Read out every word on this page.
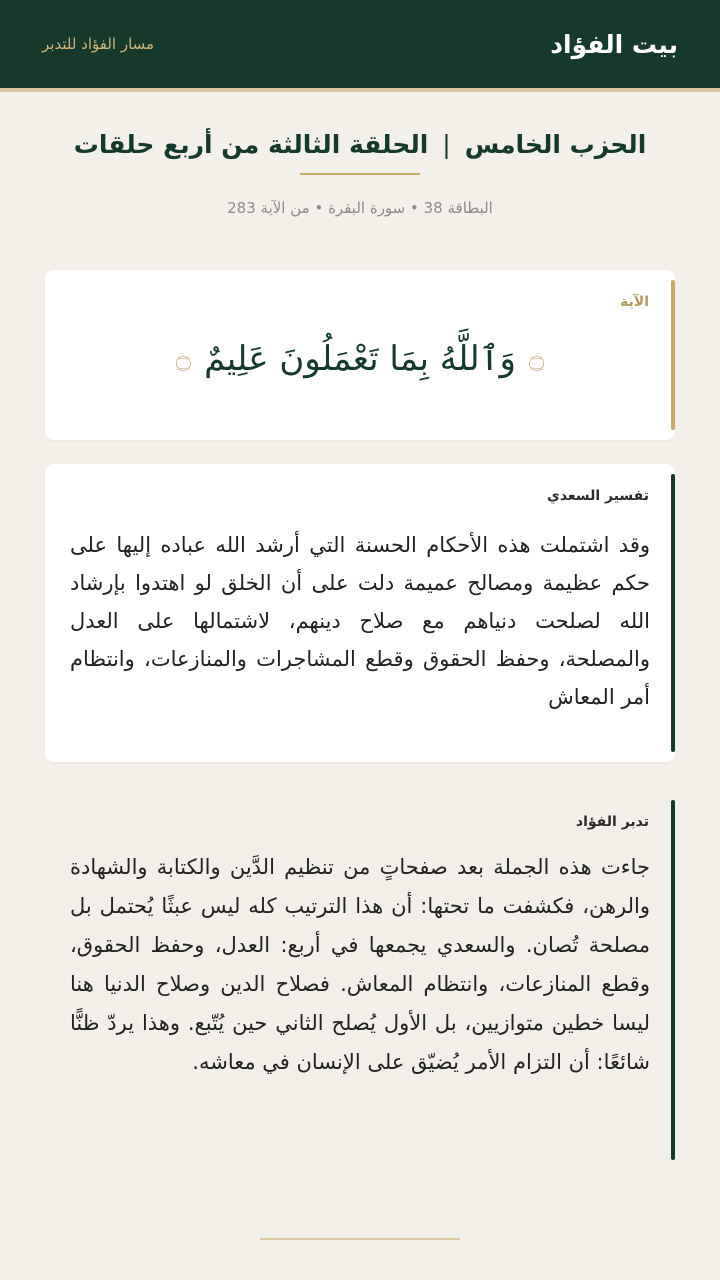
بيت الفؤاد
مسار الفؤاد للتدبر
الحزب الخامس|الحلقة الثالثة من أربع حلقات
البطاقة 38 • سورة البقرة • من الآية 283
الآية
۝ وَٱللَّهُ بِمَا تَعْمَلُونَ عَلِيمٌ ۝
تفسير السعدي
وقد اشتملت هذه الأحكام الحسنة التي أرشد الله عباده إليها على حكم عظيمة ومصالح عميمة دلت على أن الخلق لو اهتدوا بإرشاد الله لصلحت دنياهم مع صلاح دينهم، لاشتمالها على العدل والمصلحة، وحفظ الحقوق وقطع المشاجرات والمنازعات، وانتظام أمر المعاش
تدبر الفؤاد
جاءت هذه الجملة بعد صفحاتٍ من تنظيم الدَّين والكتابة والشهادة والرهن، فكشفت ما تحتها: أن هذا الترتيب كله ليس عبثًا يُحتمل بل مصلحة تُصان. والسعدي يجمعها في أربع: العدل، وحفظ الحقوق، وقطع المنازعات، وانتظام المعاش. فصلاح الدين وصلاح الدنيا هنا ليسا خطين متوازيين، بل الأول يُصلح الثاني حين يُتّبع. وهذا يردّ ظنًّا شائعًا: أن التزام الأمر يُضيّق على الإنسان في معاشه.
